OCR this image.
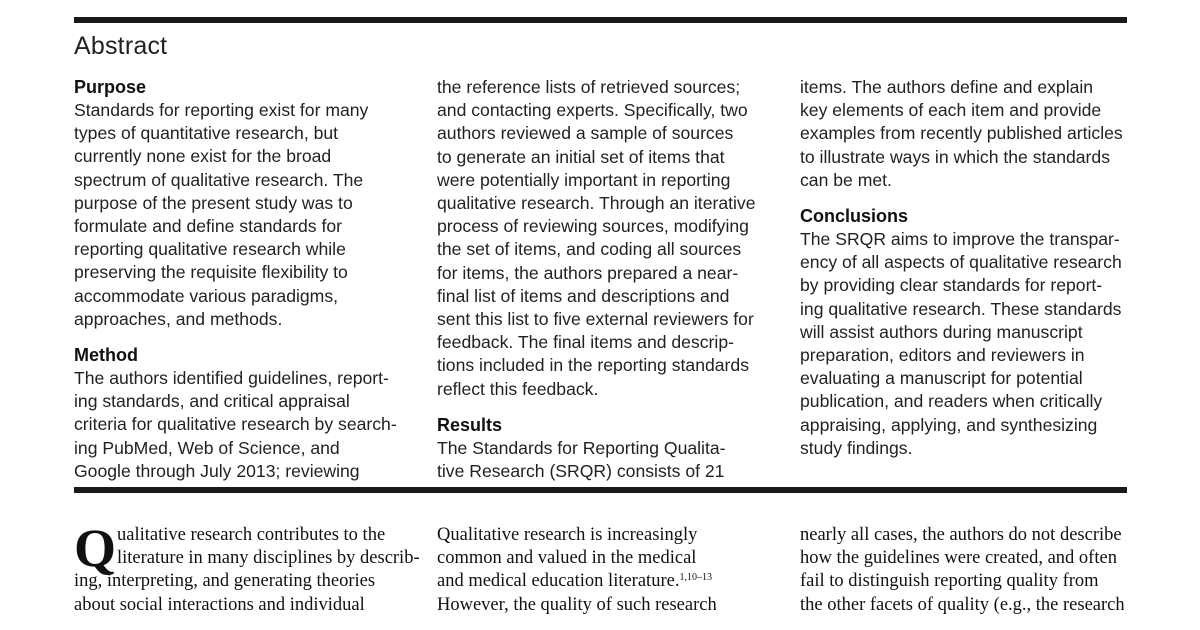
Abstract
Purpose
Standards for reporting exist for many
types of quantitative research, but
currently none exist for the broad
spectrum of qualitative research. The
purpose of the present study was to
formulate and define standards for
reporting qualitative research while
preserving the requisite flexibility to
accommodate various paradigms,
approaches, and methods.
Method
The authors identified guidelines, report-
ing standards, and critical appraisal
criteria for qualitative research by search-
ing PubMed, Web of Science, and
Google through July 2013; reviewing
the reference lists of retrieved sources;
and contacting experts. Specifically, two
authors reviewed a sample of sources
to generate an initial set of items that
were potentially important in reporting
qualitative research. Through an iterative
process of reviewing sources, modifying
the set of items, and coding all sources
for items, the authors prepared a near-
final list of items and descriptions and
sent this list to five external reviewers for
feedback. The final items and descrip-
tions included in the reporting standards
reflect this feedback.
Results
The Standards for Reporting Qualita-
tive Research (SRQR) consists of 21
items. The authors define and explain
key elements of each item and provide
examples from recently published articles
to illustrate ways in which the standards
can be met.
Conclusions
The SRQR aims to improve the transpar-
ency of all aspects of qualitative research
by providing clear standards for report-
ing qualitative research. These standards
will assist authors during manuscript
preparation, editors and reviewers in
evaluating a manuscript for potential
publication, and readers when critically
appraising, applying, and synthesizing
study findings.
Q ualitative research contributes to the
literature in many disciplines by describ-
ing, interpreting, and generating theories
about social interactions and individual
Qualitative research is increasingly
common and valued in the medical
and medical education literature.$^{1,10-13}$
However, the quality of such research
nearly all cases, the authors do not describe
how the guidelines were created, and often
fail to distinguish reporting quality from
the other facets of quality (e.g., the research
